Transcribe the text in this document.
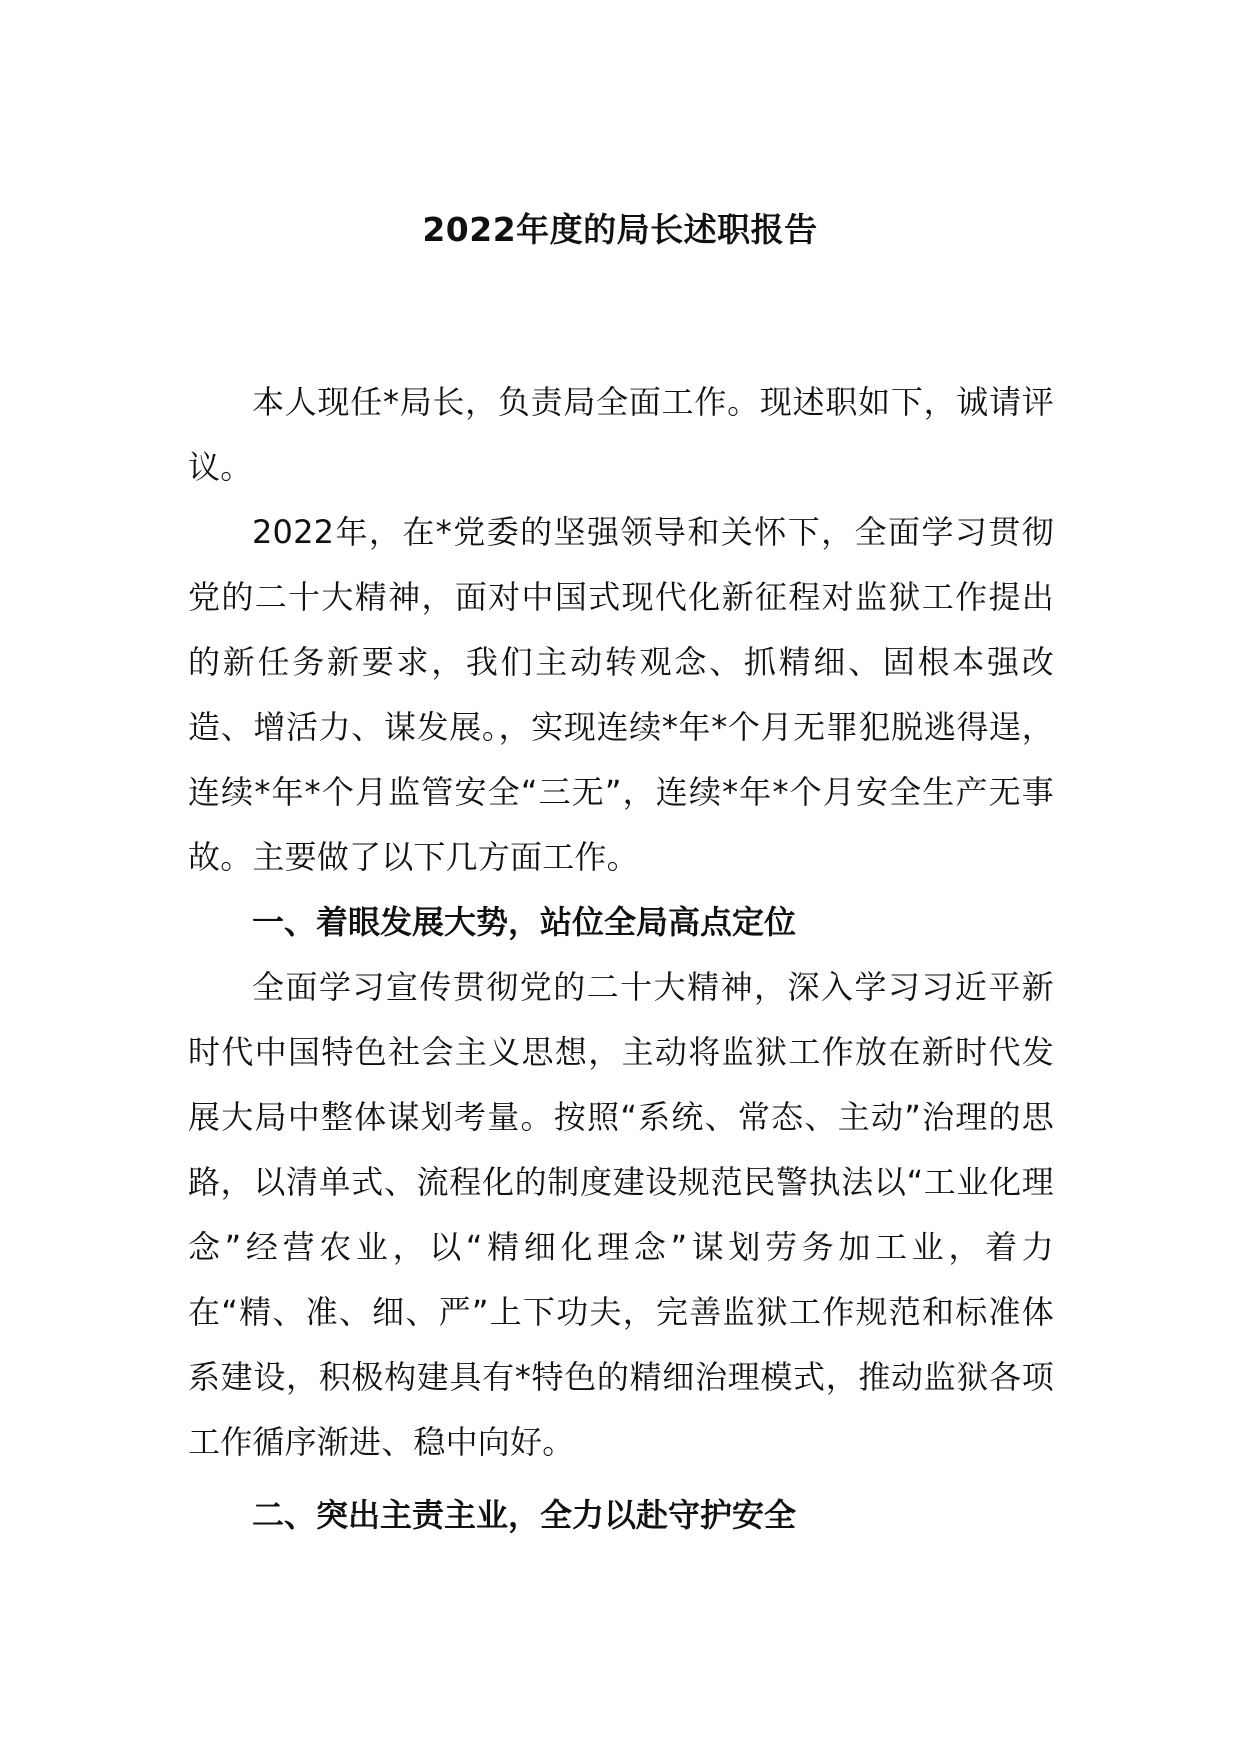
2022年度的局长述职报告

本人现任*局长，负责局全面工作。现述职如下，诚请评议。

2022年，在*党委的坚强领导和关怀下，全面学习贯彻党的二十大精神，面对中国式现代化新征程对监狱工作提出的新任务新要求，我们主动转观念、抓精细、固根本强改造、增活力、谋发展。，实现连续*年*个月无罪犯脱逃得逞，连续*年*个月监管安全“三无”，连续*年*个月安全生产无事故。主要做了以下几方面工作。

一、着眼发展大势，站位全局高点定位

全面学习宣传贯彻党的二十大精神，深入学习习近平新时代中国特色社会主义思想，主动将监狱工作放在新时代发展大局中整体谋划考量。按照“系统、常态、主动”治理的思路，以清单式、流程化的制度建设规范民警执法以“工业化理念”经营农业，以“精细化理念”谋划劳务加工业，着力在“精、准、细、严”上下功夫，完善监狱工作规范和标准体系建设，积极构建具有*特色的精细治理模式，推动监狱各项工作循序渐进、稳中向好。

二、突出主责主业，全力以赴守护安全
